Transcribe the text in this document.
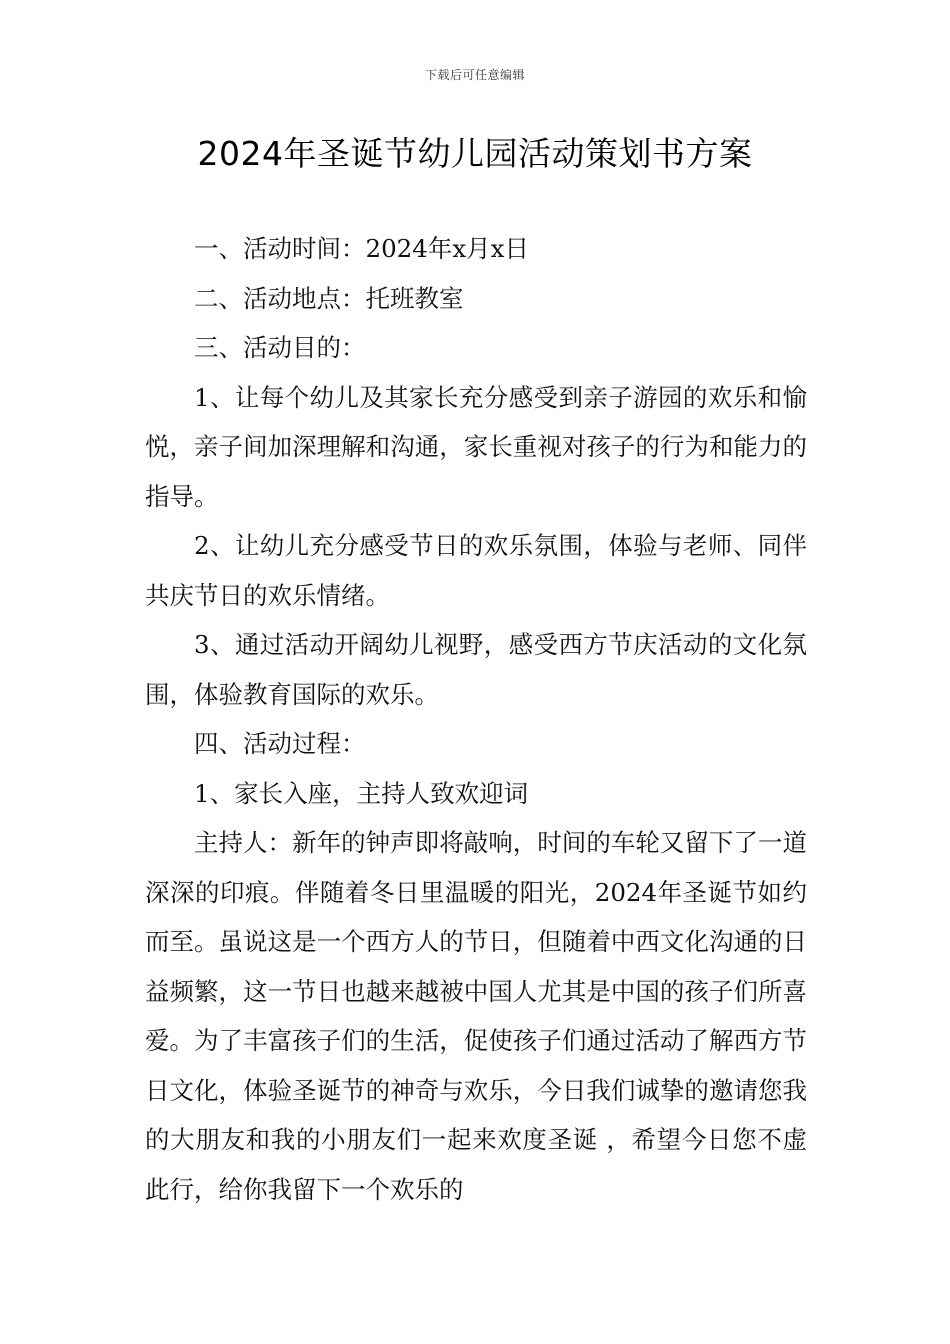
下载后可任意编辑
2024年圣诞节幼儿园活动策划书方案

一、活动时间：2024年x月x日

二、活动地点：托班教室

三、活动目的：

1、让每个幼儿及其家长充分感受到亲子游园的欢乐和愉悦，亲子间加深理解和沟通，家长重视对孩子的行为和能力的指导。

2、让幼儿充分感受节日的欢乐氛围，体验与老师、同伴共庆节日的欢乐情绪。

3、通过活动开阔幼儿视野，感受西方节庆活动的文化氛围，体验教育国际的欢乐。

四、活动过程：

1、家长入座，主持人致欢迎词

主持人：新年的钟声即将敲响，时间的车轮又留下了一道深深的印痕。伴随着冬日里温暖的阳光，2024年圣诞节如约而至。虽说这是一个西方人的节日，但随着中西文化沟通的日益频繁，这一节日也越来越被中国人尤其是中国的孩子们所喜爱。为了丰富孩子们的生活，促使孩子们通过活动了解西方节日文化，体验圣诞节的神奇与欢乐，今日我们诚挚的邀请您我的大朋友和我的小朋友们一起来欢度圣诞 ，希望今日您不虚此行，给你我留下一个欢乐的
